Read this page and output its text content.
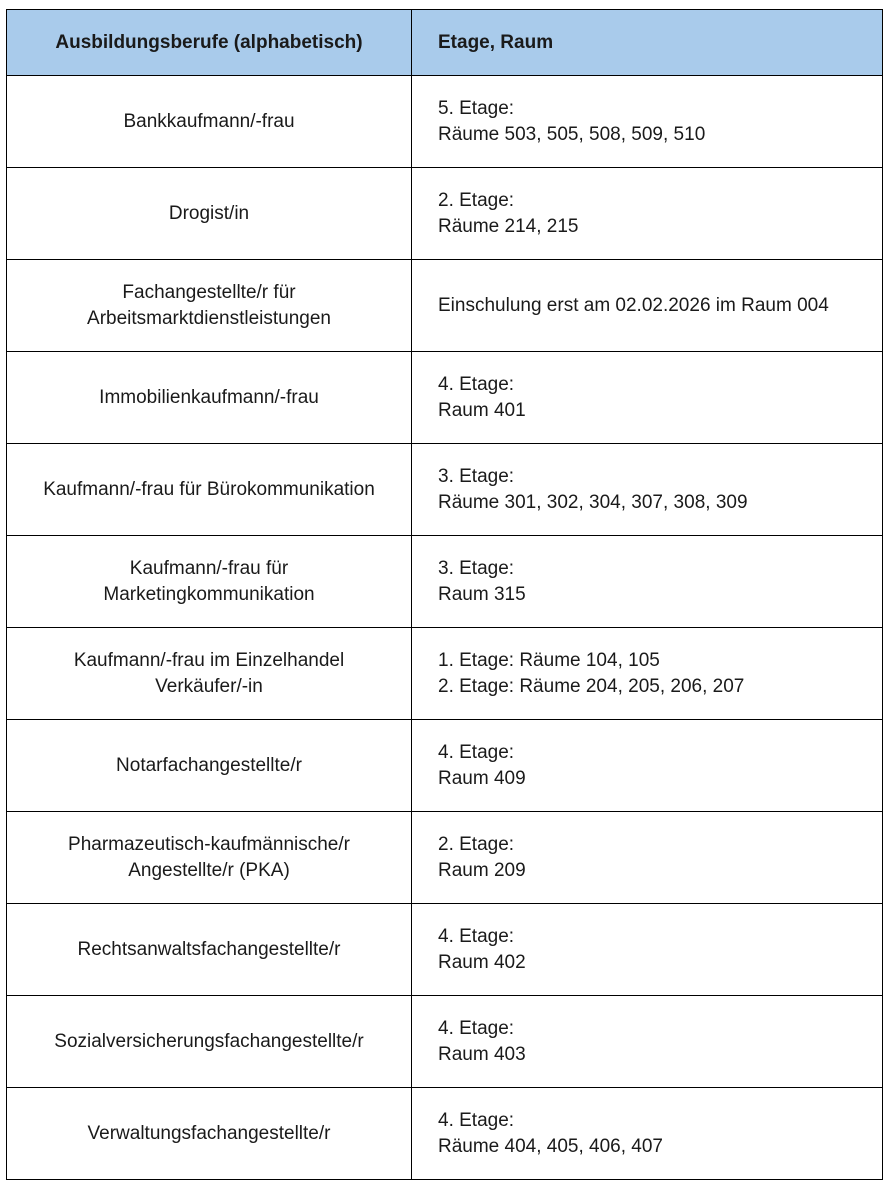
Ausbildungsberufe (alphabetisch)	Etage, Raum

Bankkaufmann/-frau	5. Etage:
Räume 503, 505, 508, 509, 510

Drogist/in	2. Etage:
Räume 214, 215

Fachangestellte/r für
Arbeitsmarktdienstleistungen	Einschulung erst am 02.02.2026 im Raum 004

Immobilienkaufmann/-frau	4. Etage:
Raum 401

Kaufmann/-frau für Bürokommunikation	3. Etage:
Räume 301, 302, 304, 307, 308, 309

Kaufmann/-frau für
Marketingkommunikation	3. Etage:
Raum 315

Kaufmann/-frau im Einzelhandel
Verkäufer/-in	1. Etage: Räume 104, 105
2. Etage: Räume 204, 205, 206, 207

Notarfachangestellte/r	4. Etage:
Raum 409

Pharmazeutisch-kaufmännische/r
Angestellte/r (PKA)	2. Etage:
Raum 209

Rechtsanwaltsfachangestellte/r	4. Etage:
Raum 402

Sozialversicherungsfachangestellte/r	4. Etage:
Raum 403

Verwaltungsfachangestellte/r	4. Etage:
Räume 404, 405, 406, 407
